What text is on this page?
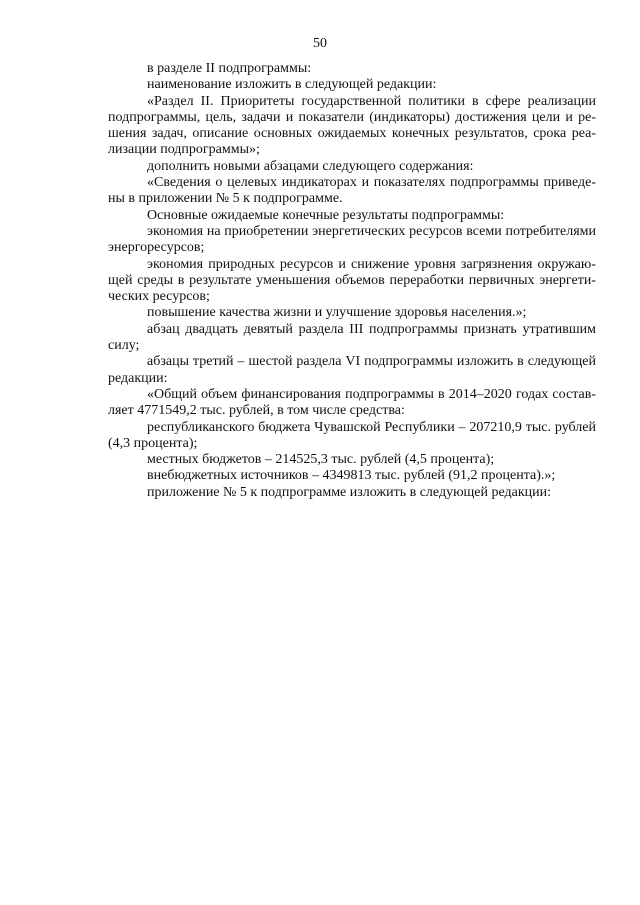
50

в разделе II подпрограммы:

наименование изложить в следующей редакции:

«Раздел II. Приоритеты государственной политики в сфере реализации подпрограммы, цель, задачи и показатели (индикаторы) достижения цели и решения задач, описание основных ожидаемых конечных результатов, срока реализации подпрограммы»;

дополнить новыми абзацами следующего содержания:

«Сведения о целевых индикаторах и показателях подпрограммы приведены в приложении № 5 к подпрограмме.

Основные ожидаемые конечные результаты подпрограммы:

экономия на приобретении энергетических ресурсов всеми потребителями энергоресурсов;

экономия природных ресурсов и снижение уровня загрязнения окружающей среды в результате уменьшения объемов переработки первичных энергетических ресурсов;

повышение качества жизни и улучшение здоровья населения.»;

абзац двадцать девятый раздела III подпрограммы признать утратившим силу;

абзацы третий – шестой раздела VI подпрограммы изложить в следующей редакции:

«Общий объем финансирования подпрограммы в 2014–2020 годах составляет 4771549,2 тыс. рублей, в том числе средства:

республиканского бюджета Чувашской Республики – 207210,9 тыс. рублей (4,3 процента);

местных бюджетов – 214525,3 тыс. рублей (4,5 процента);

внебюджетных источников – 4349813 тыс. рублей (91,2 процента).»;

приложение № 5 к подпрограмме изложить в следующей редакции:
